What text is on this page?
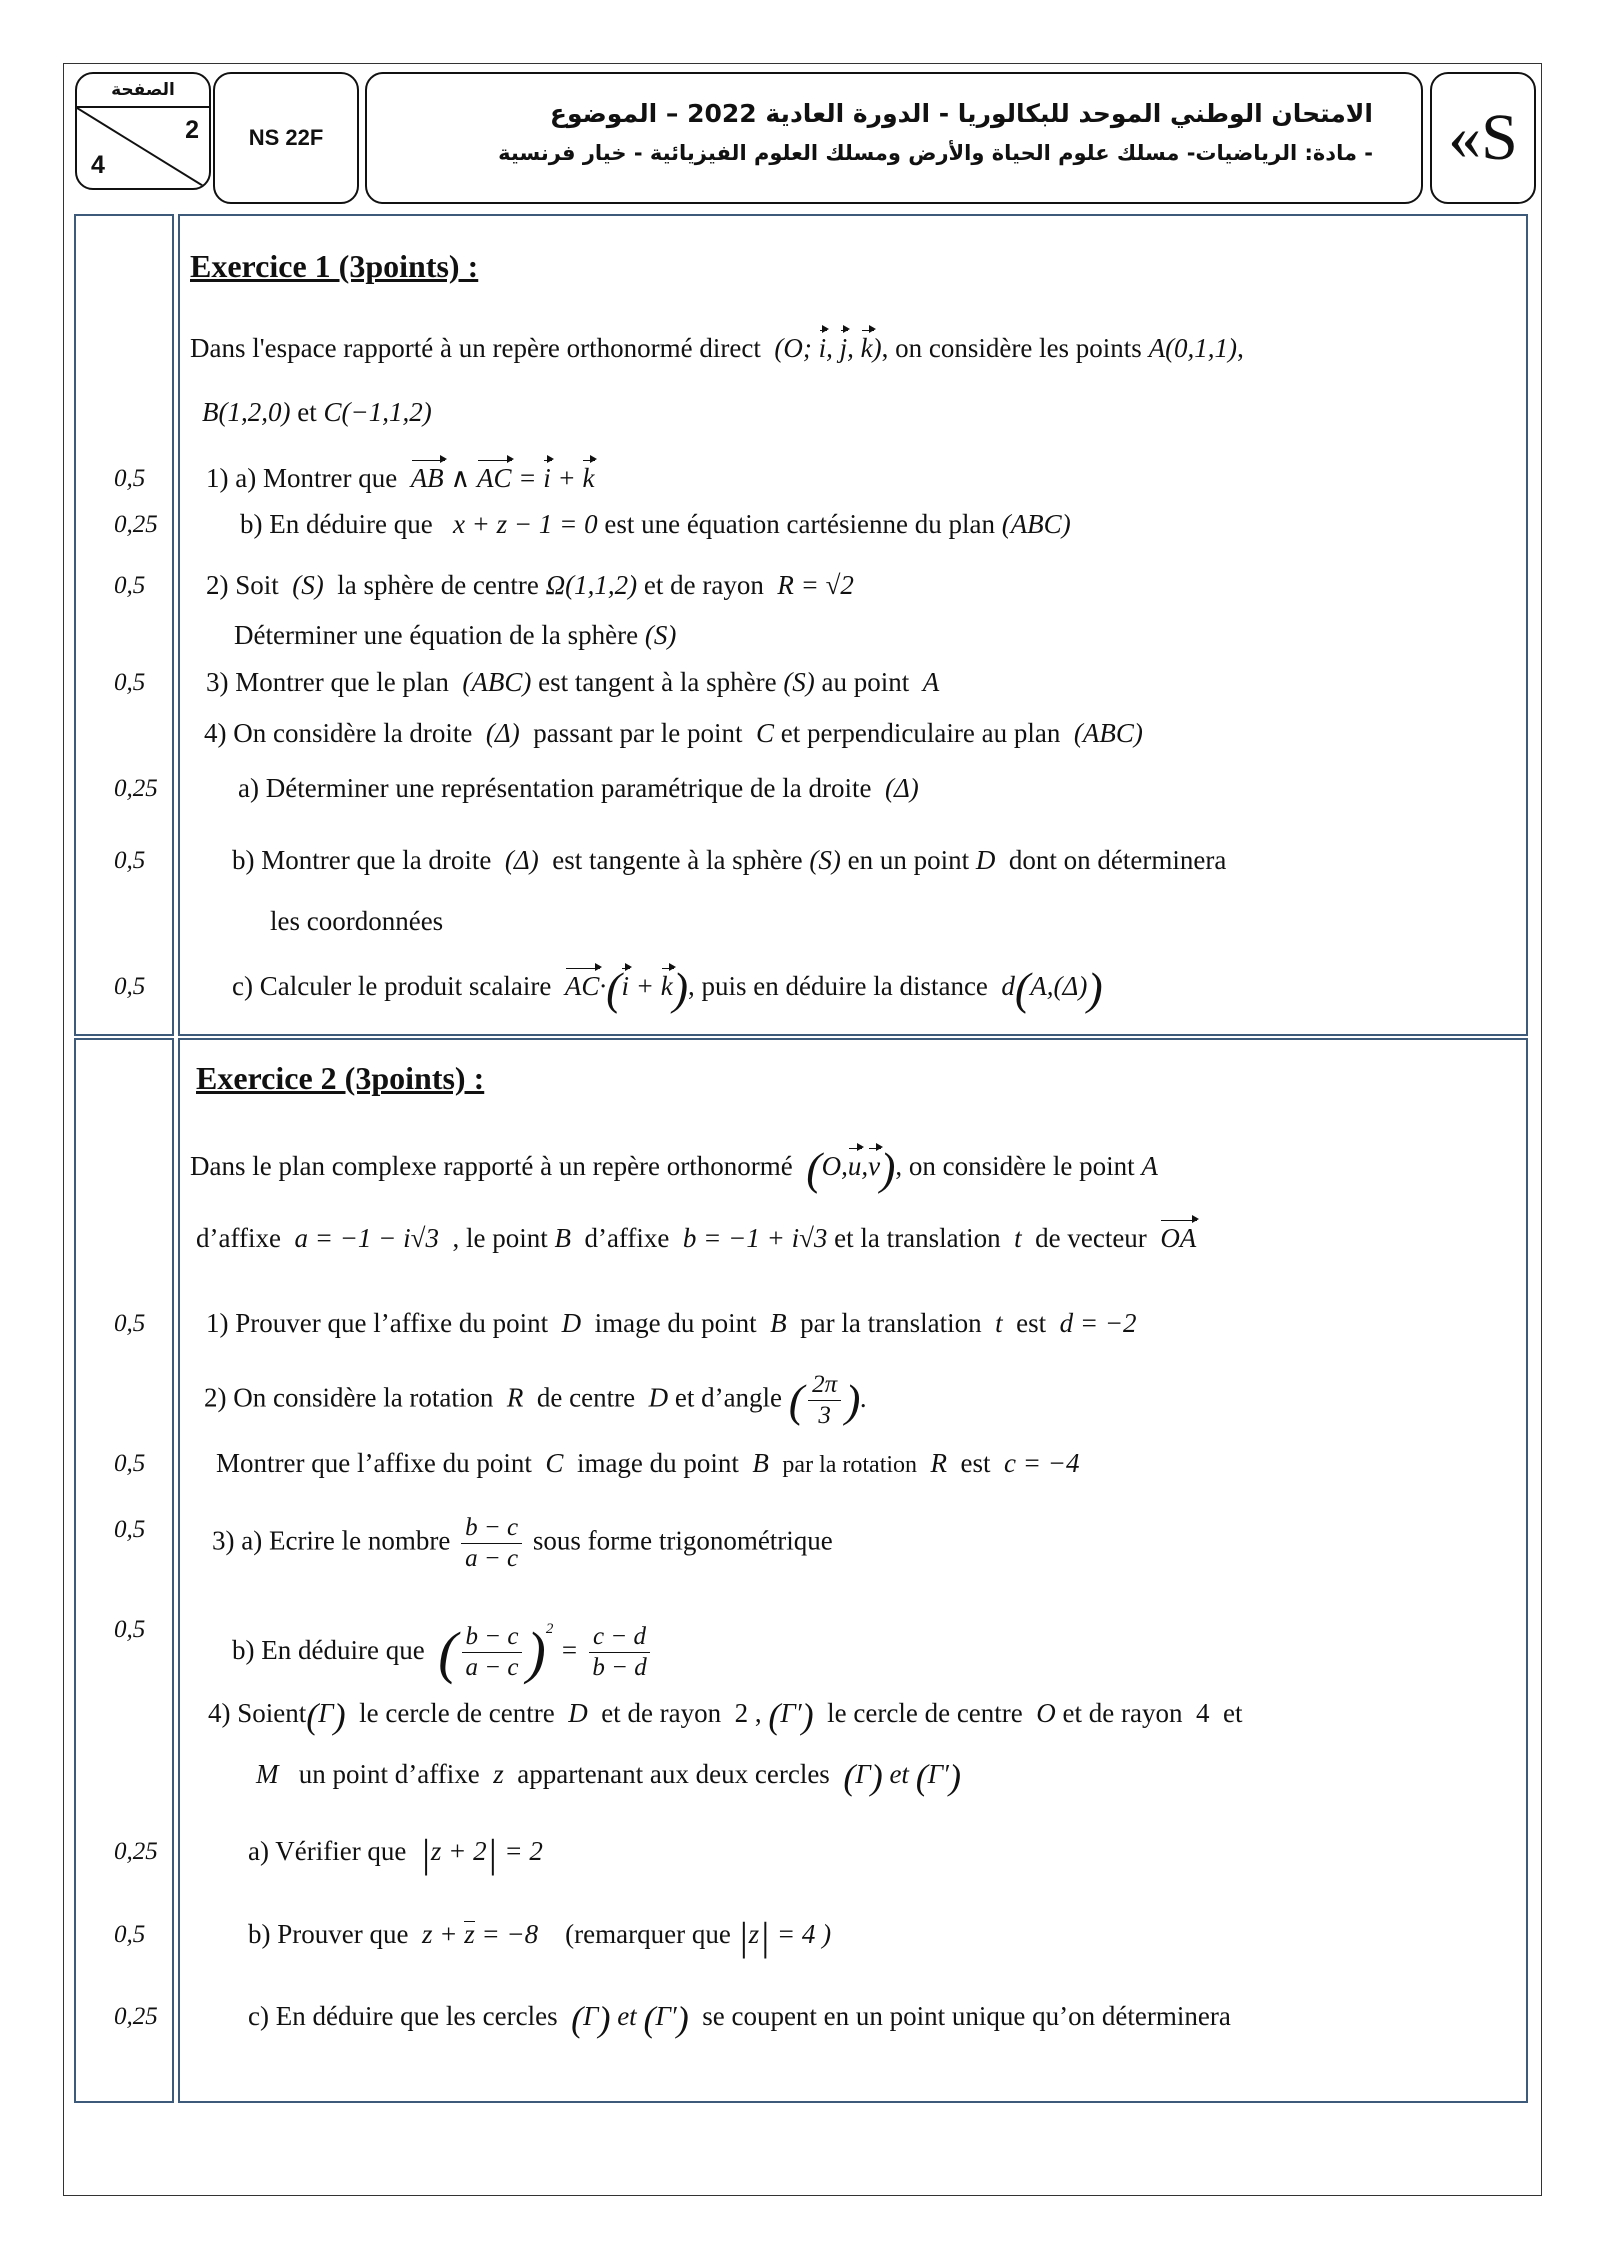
الصفحة
2
4
NS 22F
الامتحان الوطني الموحد للبكالوريا - الدورة العادية 2022 – الموضوع
- مادة: الرياضيات- مسلك علوم الحياة والأرض ومسلك العلوم الفيزيائية - خيار فرنسية «S
Exercice 1 (3points) :
Dans l'espace rapporté à un repère orthonormé direct  (O; i, j, k), on considère les points A(0,1,1),
B(1,2,0) et C(−1,1,2)
0,5 1) a) Montrer que AB ∧ AC = i + k
0,25	b) En déduire que x + z − 1 = 0 est une équation cartésienne du plan (ABC)
0,5 2) Soit  (S)  la sphère de centre Ω(1,1,2) et de rayon R = √2
Déterminer une équation de la sphère (S)
0,5 3) Montrer que le plan  (ABC) est tangent à la sphère (S) au point  A
4) On considère la droite  (Δ)  passant par le point  C et perpendiculaire au plan  (ABC)
0,25	a) Déterminer une représentation paramétrique de la droite  (Δ)
0,5	b) Montrer que la droite  (Δ)  est tangente à la sphère (S) en un point D  dont on déterminera
les coordonnées
0,5	c) Calculer le produit scalaire AC·(i + k), puis en déduire la distance  d(A,(Δ))
Exercice 2 (3points) :
Dans le plan complexe rapporté à un repère orthonormé (O,u,v), on considère le point A
d’affixe a = −1 − i√3 , le point B d’affixe b = −1 + i√3 et la translation  t  de vecteur OA
0,5 1) Prouver que l’affixe du point  D  image du point  B  par la translation  t  est d = −2
2) On considère la rotation  R  de centre  D et d’angle ( $\frac{2\pi}{3}$ ).
0,5	Montrer que l’affixe du point  C  image du point  B  par la rotation  R  est c = −4
0,5 3) a) Ecrire le nombre $\frac{b - c}{a - c}$ sous forme trigonométrique
0,5
b) En déduire que ( $\frac{b - c}{a - c} )^2 = \frac{c - d}{b - d}$
4) Soient(Γ) le cercle de centre  D  et de rayon  2 , (Γ′) le cercle de centre  O et de rayon  4  et
M   un point d’affixe  z  appartenant aux deux cercles (Γ) et (Γ′)
0,25	a) Vérifier que |z + 2| = 2
0,5	b) Prouver que z + z = −8 (remarquer que |z| = 4 )
0,25	c) En déduire que les cercles (Γ) et (Γ′) se coupent en un point unique qu’on déterminera
